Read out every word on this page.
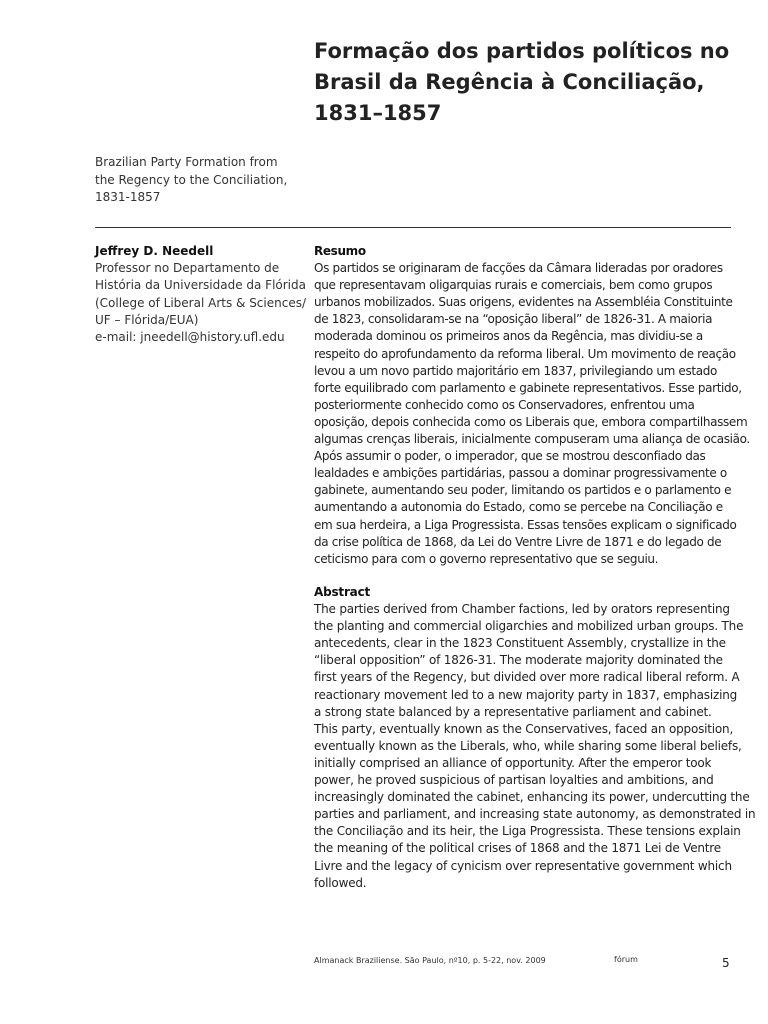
Formação dos partidos políticos no
Brasil da Regência à Conciliação,
1831–1857
Brazilian Party Formation from
the Regency to the Conciliation,
1831-1857
Jeffrey D. Needell
Professor no Departamento de
História da Universidade da Flórida
(College of Liberal Arts & Sciences/
UF – Flórida/EUA)
e-mail: jneedell@history.ufl.edu
Resumo
Os partidos se originaram de facções da Câmara lideradas por oradores
que representavam oligarquias rurais e comerciais, bem como grupos
urbanos mobilizados. Suas origens, evidentes na Assembléia Constituinte
de 1823, consolidaram-se na “oposição liberal” de 1826-31. A maioria
moderada dominou os primeiros anos da Regência, mas dividiu-se a
respeito do aprofundamento da reforma liberal. Um movimento de reação
levou a um novo partido majoritário em 1837, privilegiando um estado
forte equilibrado com parlamento e gabinete representativos. Esse partido,
posteriormente conhecido como os Conservadores, enfrentou uma
oposição, depois conhecida como os Liberais que, embora compartilhassem
algumas crenças liberais, inicialmente compuseram uma aliança de ocasião.
Após assumir o poder, o imperador, que se mostrou desconfiado das
lealdades e ambições partidárias, passou a dominar progressivamente o
gabinete, aumentando seu poder, limitando os partidos e o parlamento e
aumentando a autonomia do Estado, como se percebe na Conciliação e
em sua herdeira, a Liga Progressista. Essas tensões explicam o significado
da crise política de 1868, da Lei do Ventre Livre de 1871 e do legado de
ceticismo para com o governo representativo que se seguiu.
Abstract
The parties derived from Chamber factions, led by orators representing
the planting and commercial oligarchies and mobilized urban groups. The
antecedents, clear in the 1823 Constituent Assembly, crystallize in the
“liberal opposition” of 1826-31. The moderate majority dominated the
first years of the Regency, but divided over more radical liberal reform. A
reactionary movement led to a new majority party in 1837, emphasizing
a strong state balanced by a representative parliament and cabinet.
This party, eventually known as the Conservatives, faced an opposition,
eventually known as the Liberals, who, while sharing some liberal beliefs,
initially comprised an alliance of opportunity. After the emperor took
power, he proved suspicious of partisan loyalties and ambitions, and
increasingly dominated the cabinet, enhancing its power, undercutting the
parties and parliament, and increasing state autonomy, as demonstrated in
the Conciliação and its heir, the Liga Progressista. These tensions explain
the meaning of the political crises of 1868 and the 1871 Lei de Ventre
Livre and the legacy of cynicism over representative government which
followed.
Almanack Braziliense. São Paulo, nº10, p. 5-22, nov. 2009	fórum	5
